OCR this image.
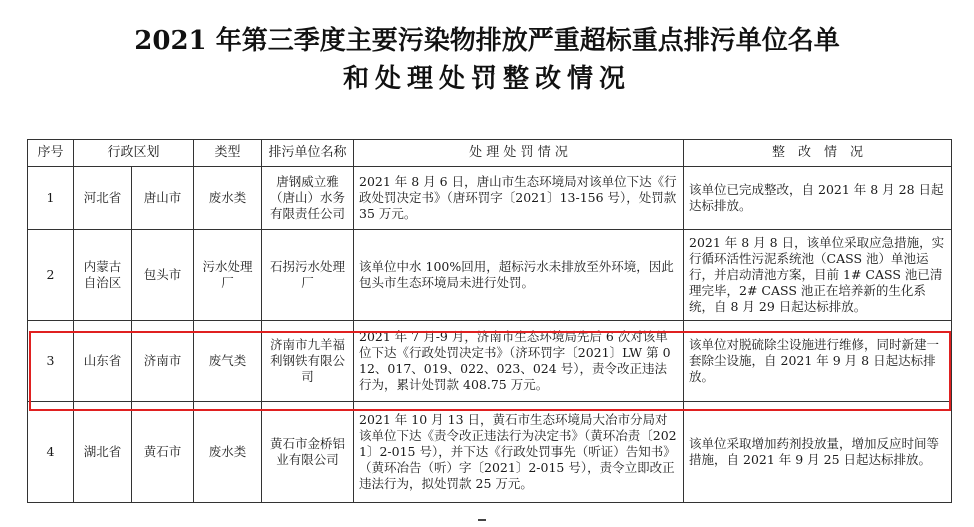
2021 年第三季度主要污染物排放严重超标重点排污单位名单
和处理处罚整改情况
序号	行政区划		类型	排污单位名称	处 理 处 罚 情 况	整　改　情　况
1	河北省	唐山市	废水类	唐钢威立雅（唐山）水务有限责任公司	2021 年 8 月 6 日，唐山市生态环境局对该单位下达《行政处罚决定书》（唐环罚字〔2021〕13-156 号），处罚款 35 万元。	该单位已完成整改，自 2021 年 8 月 28 日起达标排放。
2	内蒙古自治区	包头市	污水处理厂	石拐污水处理厂	该单位中水 100%回用，超标污水未排放至外环境，因此包头市生态环境局未进行处罚。	2021 年 8 月 8 日，该单位采取应急措施，实行循环活性污泥系统池（CASS 池）单池运行，并启动清池方案，目前 1# CASS 池已清理完毕，2# CASS 池正在培养新的生化系统，自 8 月 29 日起达标排放。
3	山东省	济南市	废气类	济南市九羊福利钢铁有限公司	2021 年 7 月-9 月，济南市生态环境局先后 6 次对该单位下达《行政处罚决定书》（济环罚字〔2021〕LW 第 012、017、019、022、023、024 号），责令改正违法行为，累计处罚款 408.75 万元。	该单位对脱硫除尘设施进行维修，同时新建一套除尘设施，自 2021 年 9 月 8 日起达标排放。
4	湖北省	黄石市	废水类	黄石市金桥铝业有限公司	2021 年 10 月 13 日，黄石市生态环境局大冶市分局对该单位下达《责令改正违法行为决定书》（黄环冶责〔2021〕2-015 号），并下达《行政处罚事先（听证）告知书》（黄环冶告（听）字〔2021〕2-015 号），责令立即改正违法行为，拟处罚款 25 万元。	该单位采取增加药剂投放量，增加反应时间等措施，自 2021 年 9 月 25 日起达标排放。
